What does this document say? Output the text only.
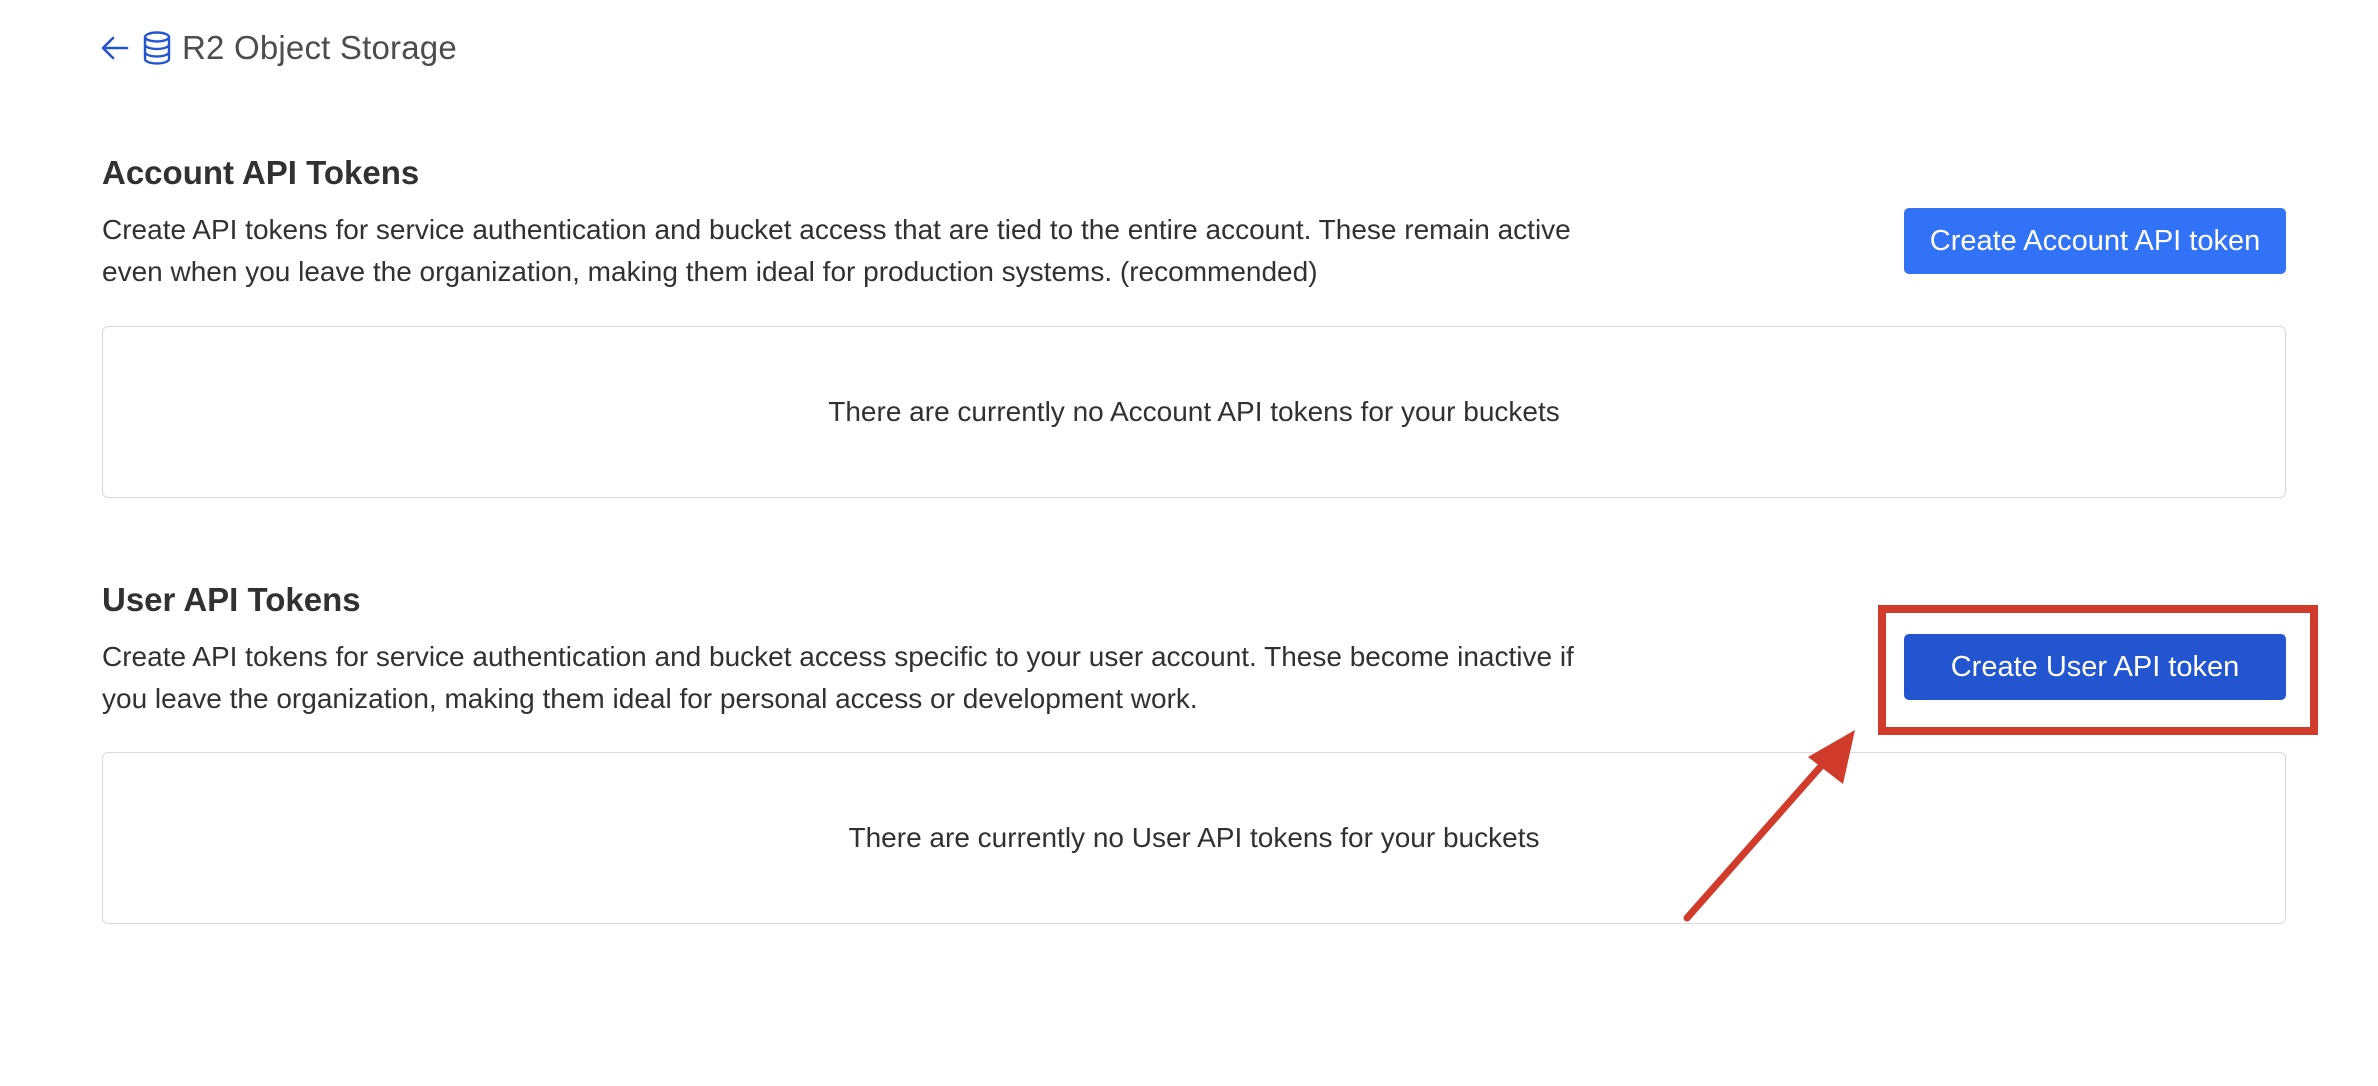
R2 Object Storage
Account API Tokens

Create API tokens for service authentication and bucket access that are tied to the entire account. These remain active

even when you leave the organization, making them ideal for production systems. (recommended)

Create Account API token
There are currently no Account API tokens for your buckets
User API Tokens

Create API tokens for service authentication and bucket access specific to your user account. These become inactive if

you leave the organization, making them ideal for personal access or development work.

Create User API token
There are currently no User API tokens for your buckets
